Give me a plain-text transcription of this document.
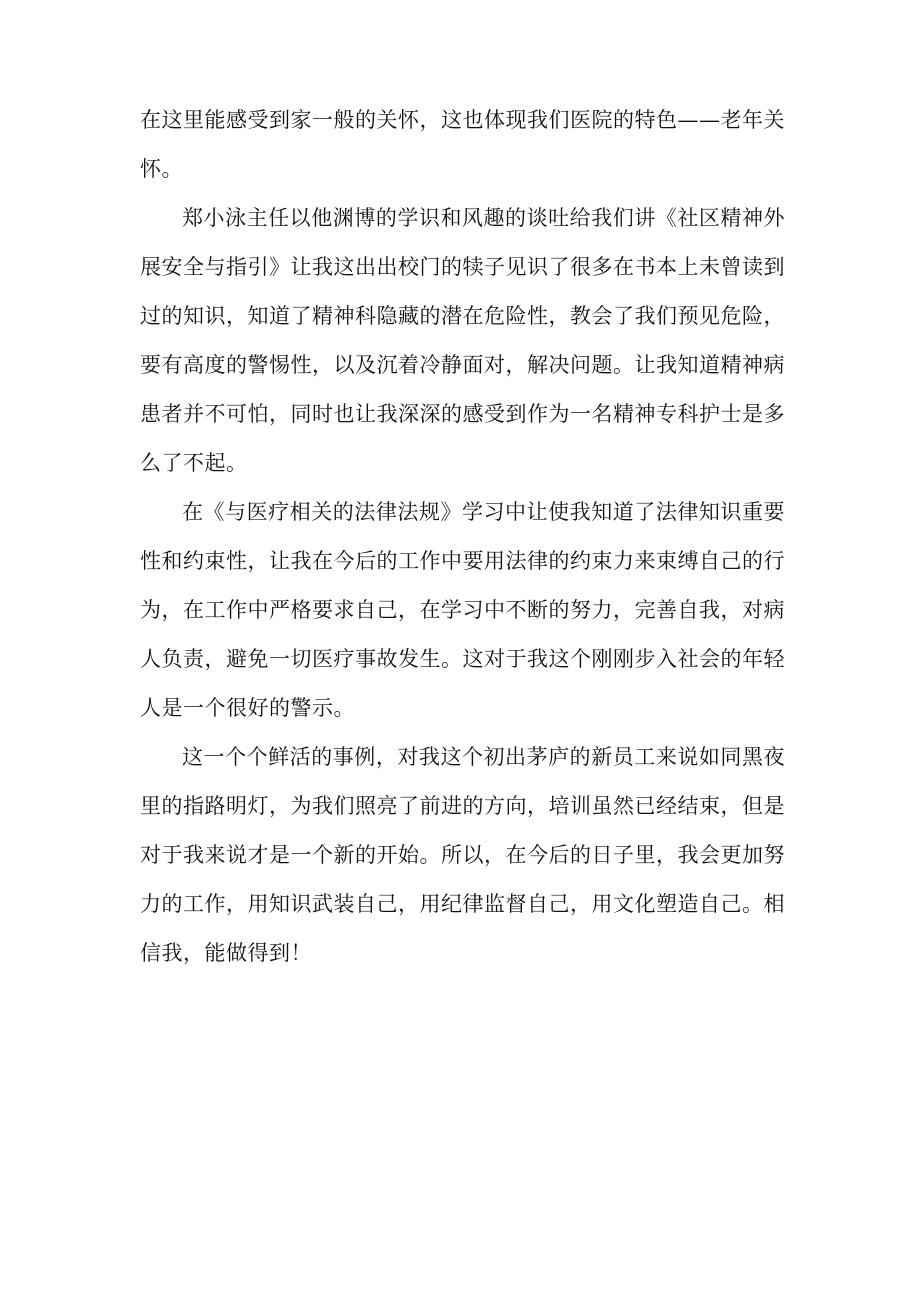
在这里能感受到家一般的关怀，这也体现我们医院的特色——老年关怀。

郑小泳主任以他渊博的学识和风趣的谈吐给我们讲《社区精神外展安全与指引》让我这出出校门的犊子见识了很多在书本上未曾读到过的知识，知道了精神科隐藏的潜在危险性，教会了我们预见危险，要有高度的警惕性，以及沉着冷静面对，解决问题。让我知道精神病患者并不可怕，同时也让我深深的感受到作为一名精神专科护士是多么了不起。

在《与医疗相关的法律法规》学习中让使我知道了法律知识重要性和约束性，让我在今后的工作中要用法律的约束力来束缚自己的行为，在工作中严格要求自己，在学习中不断的努力，完善自我，对病人负责，避免一切医疗事故发生。这对于我这个刚刚步入社会的年轻人是一个很好的警示。

这一个个鲜活的事例，对我这个初出茅庐的新员工来说如同黑夜里的指路明灯，为我们照亮了前进的方向，培训虽然已经结束，但是对于我来说才是一个新的开始。所以，在今后的日子里，我会更加努力的工作，用知识武装自己，用纪律监督自己，用文化塑造自己。相信我，能做得到！
